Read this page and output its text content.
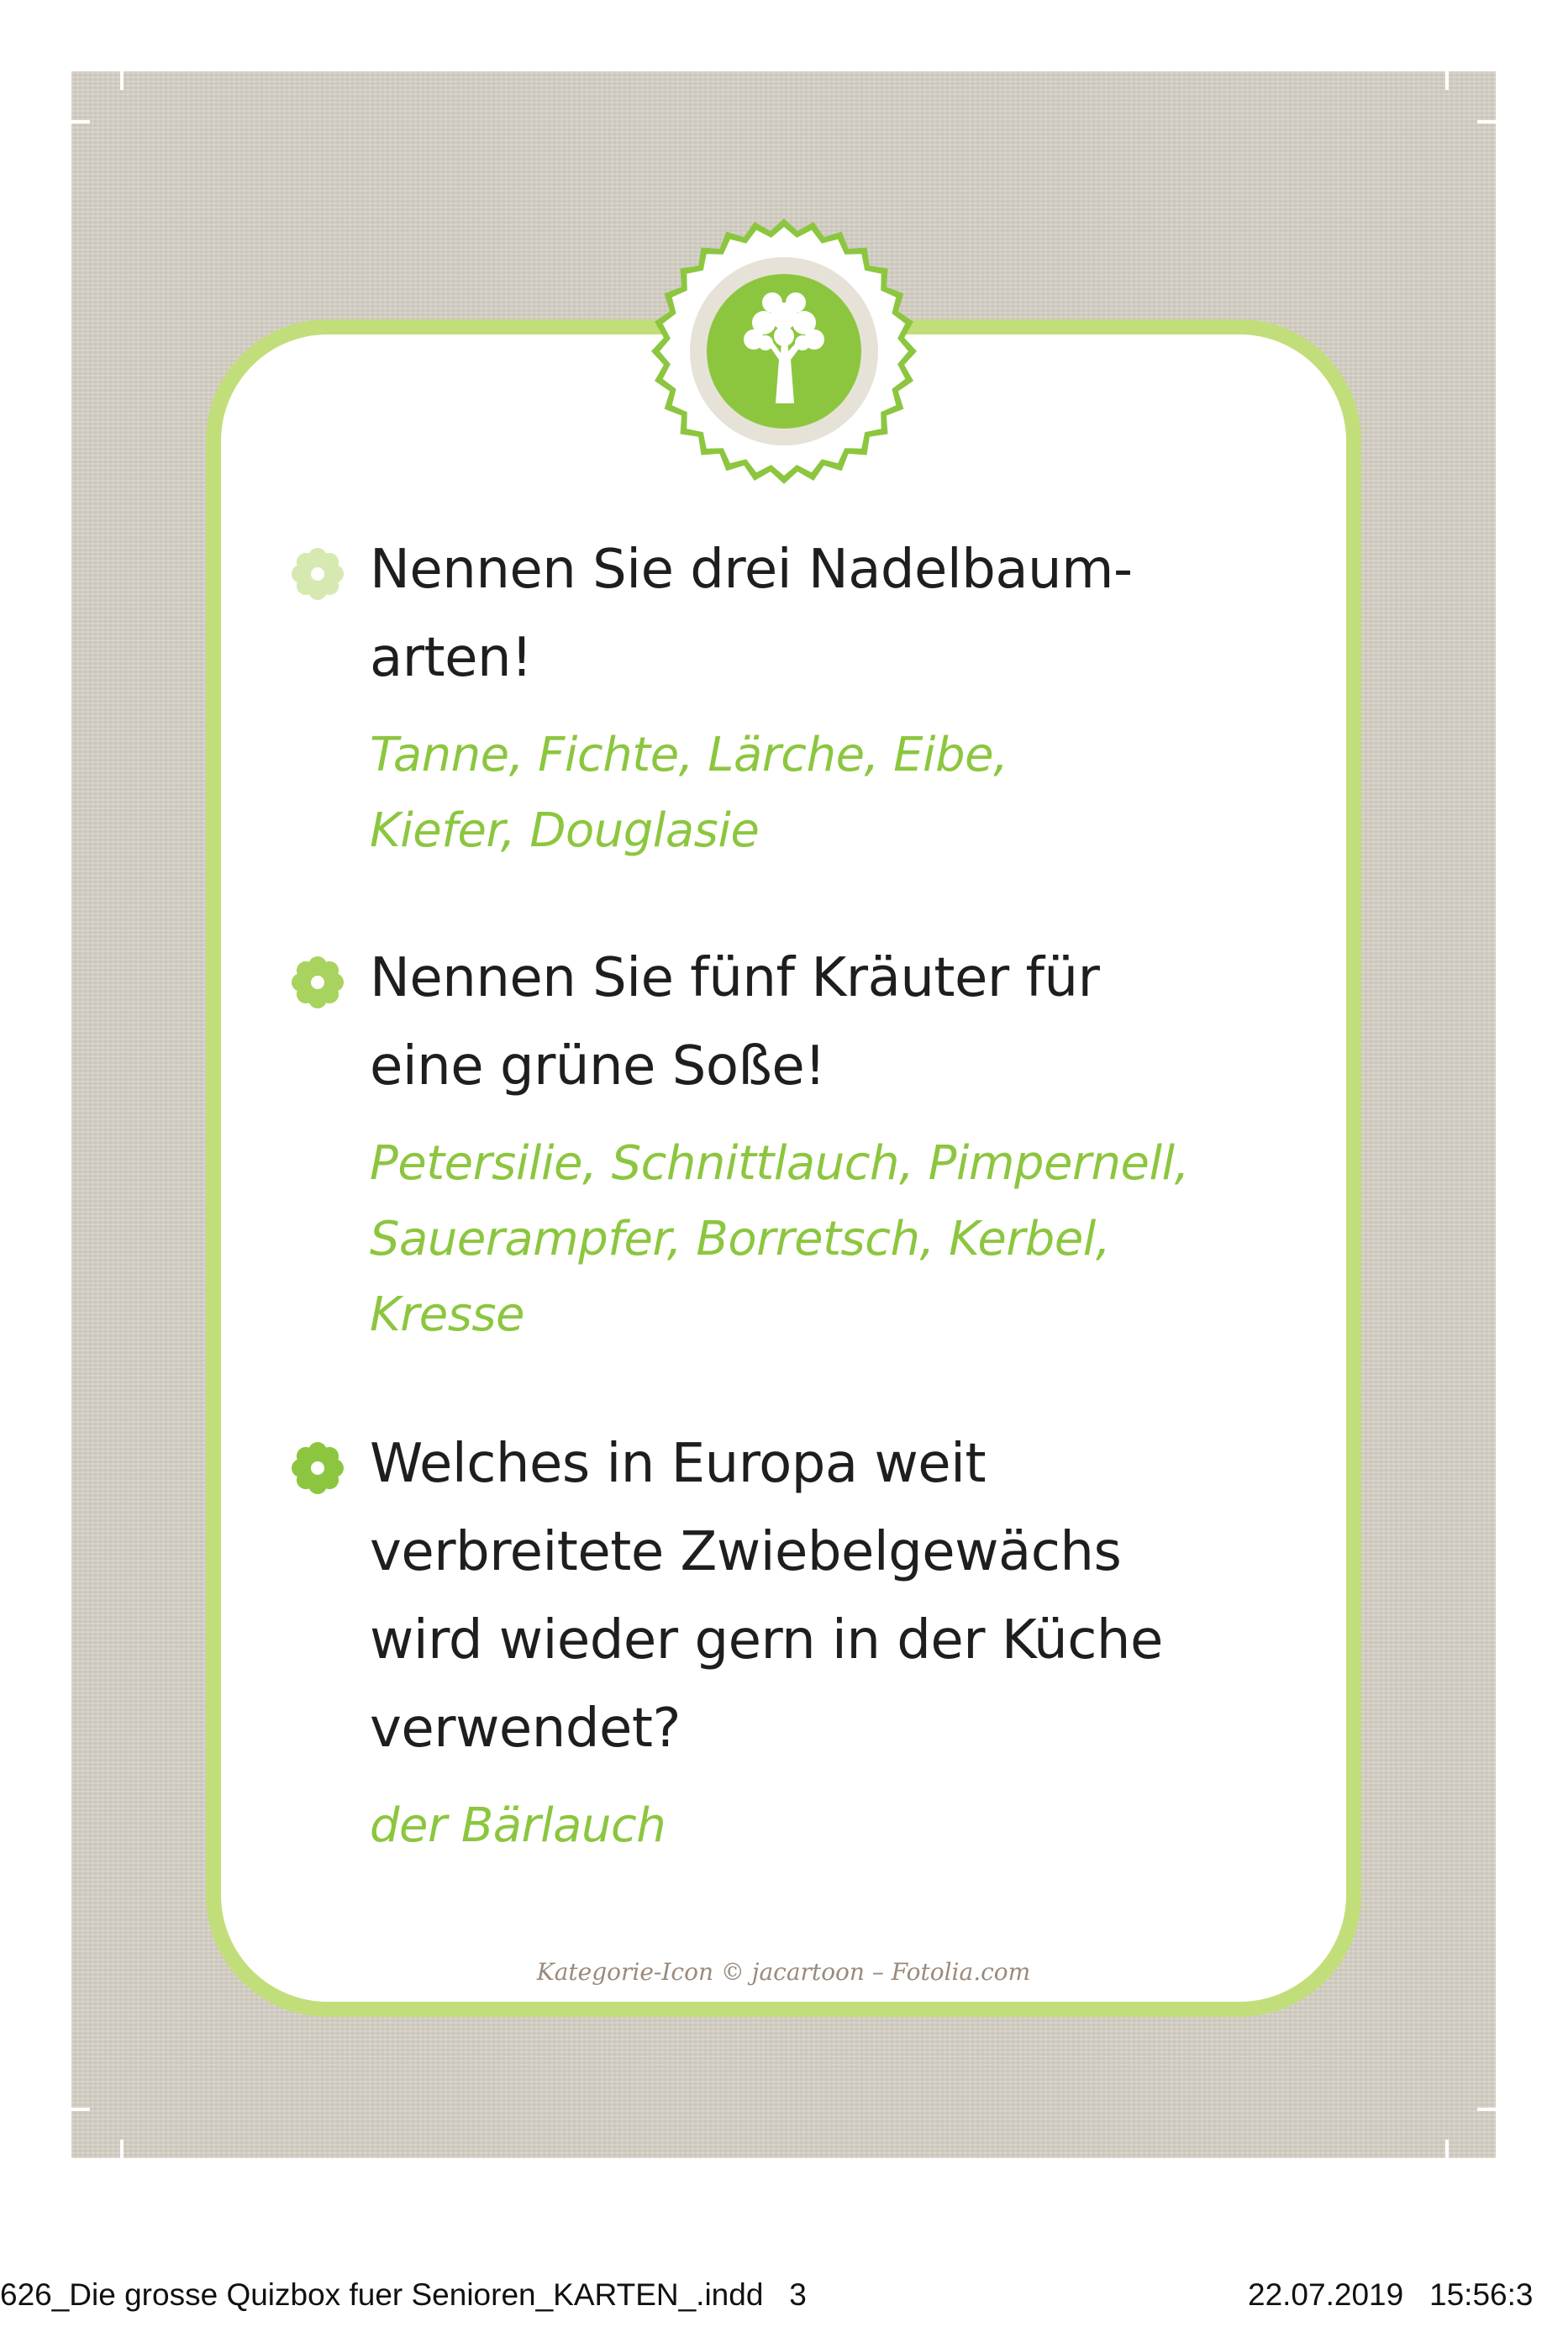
Nennen Sie drei Nadelbaum-
arten!

Tanne, Fichte, Lärche, Eibe,
Kiefer, Douglasie

Nennen Sie fünf Kräuter für
eine grüne Soße!

Petersilie, Schnittlauch, Pimpernell,
Sauerampfer, Borretsch, Kerbel,
Kresse

Welches in Europa weit
verbreitete Zwiebelgewächs
wird wieder gern in der Küche
verwendet?

der Bärlauch

Kategorie-Icon © jacartoon – Fotolia.com
626_Die grosse Quizbox fuer Senioren_KARTEN_.indd   3	22.07.2019   15:56:3
